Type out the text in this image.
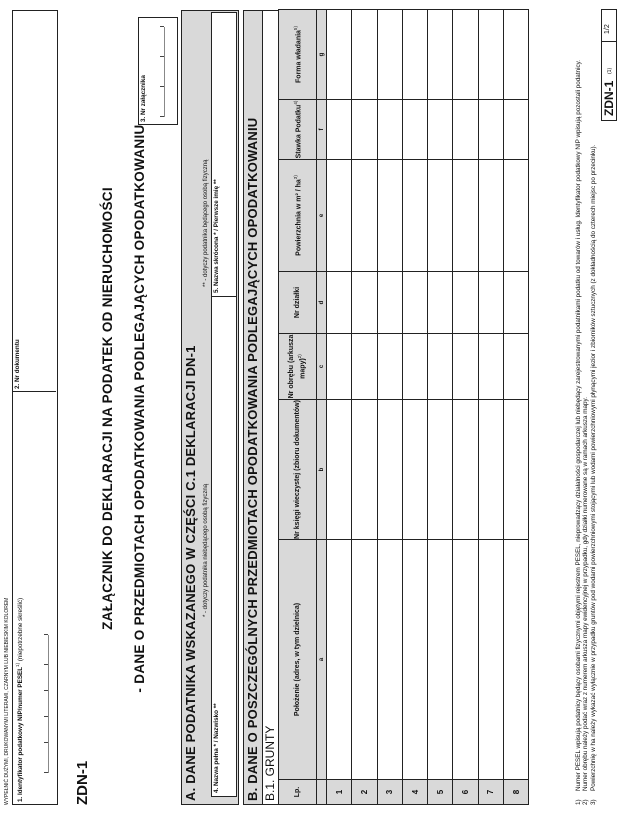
WYPEŁNIĆ DUŻYMI, DRUKOWANYMI LITERAMI, CZARNYM LUB NIEBIESKIM KOLOREM	1. Identyfikator podatkowy NIP/numer PESEL$^{1)}$ (niepotrzebne skreślić)
2. Nr dokumentu
ZDN-1
ZAŁĄCZNIK DO DEKLARACJI NA PODATEK OD NIERUCHOMOŚCI - DANE O PRZEDMIOTACH OPODATKOWANIA PODLEGAJĄCYCH OPODATKOWANIU
3. Nr załącznika
A. DANE PODATNIKA WSKAZANEGO W CZĘŚCI C.1 DEKLARACJI DN-1 * - dotyczy podatnika niebędącego osobą fizyczną
** - dotyczy podatnika będącego osobą fizyczną
4. Nazwa pełna * / Nazwisko **
5. Nazwa skrócona * / Pierwsze imię ** B. DANE O POSZCZEGÓLNYCH PRZEDMIOTACH OPODATKOWANIA PODLEGAJĄCYCH OPODATKOWANIU B.1. GRUNTY Lp.	Położenie (adres, w tym dzielnica)	Nr księgi wieczystej (zbioru dokumentów)	Nr obrębu (arkusza mapy)$^{2)}$	Nr działki	Powierzchnia w $m^2 / ha^{3)}$	Stawka Podatku$^{4)}$	Forma władania$^{5)}$
	a	b	c	d	e	f	g
1							
2							
3							
4							
5							
6							
7							
8							
1)
Numer PESEL wpisują podatnicy będący osobami fizycznymi objętymi rejestrem PESEL, nieprowadzący działalności gospodarczej lub niebędący zarejestrowanymi podatnikami podatku od towarów i usług. Identyfikator podatkowy NIP wpisują pozostali podatnicy.
2)
Numer obrębu należy podać wraz z numerem arkusza mapy ewidencyjnej w przypadku, gdy działki numerowane są w ramach arkusza mapy.
3)
Powierzchnię w ha należy wykazać wyłącznie w przypadku gruntów pod wodami powierzchniowymi stojącymi lub wodami powierzchniowymi płynącymi jezior i zbiorników sztucznych (z dokładnością do czterech miejsc po przecinku).
ZDN-1
(1)
1/2
